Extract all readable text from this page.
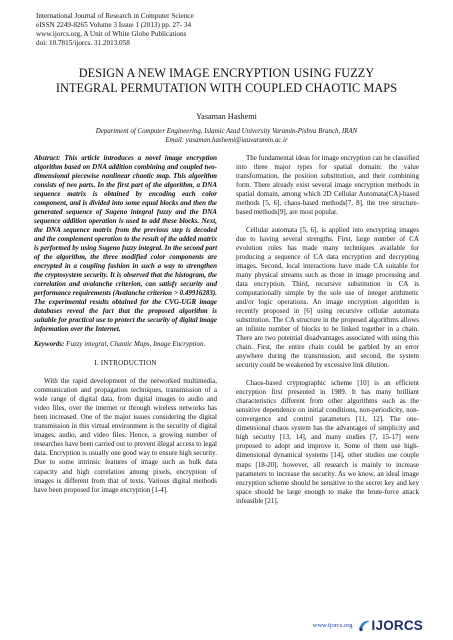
International Journal of Research in Computer Science
eISSN 2249-8265 Volume 3 Issue 1 (2013) pp. 27- 34
www.ijorcs.org, A Unit of White Globe Publications
doi: 10.7815/ijorcs. 31.2013.058
DESIGN A NEW IMAGE ENCRYPTION USING FUZZY
INTEGRAL PERMUTATION WITH COUPLED CHAOTIC MAPS
Yasaman Hashemi
Department of Computer Engineering, Islamic Azad University Varamin-Pishva Branch, IRAN
Email: yasaman.hashemi@iauvaramin.ac.ir

Abstract: This article introduces a novel image encryption algorithm based on DNA addition combining and coupled two-dimensional piecewise nonlinear chaotic map. This algorithm consists of two parts. In the first part of the algorithm, a DNA sequence matrix is obtained by encoding each color component, and is divided into some equal blocks and then the generated sequence of Sugeno integral fuzzy and the DNA sequence addition operation is used to add these blocks. Next, the DNA sequence matrix from the previous step is decoded and the complement operation to the result of the added matrix is performed by using Sugeno fuzzy integral. In the second part of the algorithm, the three modified color components are encrypted in a coupling fashion in such a way to strengthen the cryptosystem security. It is observed that the histogram, the correlation and avalanche criterion, can satisfy security and performance requirements (Avalanche criterion > 0.49916283). The experimental results obtained for the CVG-UGR image databases reveal the fact that the proposed algorithm is suitable for practical use to protect the security of digital image information over the Internet.

Keywords: Fuzzy integral, Chaotic Maps, Image Encryption.

I. INTRODUCTION

With the rapid development of the networked multimedia, communication and propagation techniques, transmission of a wide range of digital data, from digital images to audio and video files, over the internet or through wireless networks has been increased. One of the major issues considering the digital transmission in this virtual environment is the security of digital images, audio, and video files. Hence, a growing number of researches have been carried out to prevent illegal access to legal data. Encryption is usually one good way to ensure high security. Due to some intrinsic features of image such as bulk data capacity and high correlation among pixels, encryption of images is different from that of texts. Various digital methods have been proposed for image encryption [1-4].

The fundamental ideas for image encryption can be classified into three major types for spatial domain: the value transformation, the position substitution, and their combining form. There already exist several image encryption methods in spatial domain, among which 2D Cellular Automata(CA)-based methods [5, 6], chaos-based methods[7, 8], the tree structure-based methods[9], are most popular.

Cellular automata [5, 6], is applied into encrypting images due to having several strengths. First, large number of CA evolution rules has made many techniques available for producing a sequence of CA data encryption and decrypting images. Second, local interactions have made CA suitable for many physical streams such as those in image processing and data encryption. Third, recursive substitution in CA is computationally simple by the sole use of integer arithmetic and/or logic operations. An image encryption algorithm is recently proposed in [6] using recursive cellular automata substitution. The CA structure in the proposed algorithms allows an infinite number of blocks to be linked together in a chain. There are two potential disadvantages associated with using this chain. First, the entire chain could be garbled by an error anywhere during the transmission, and second, the system security could be weakened by excessive link dilution.

Chaos-based cryptographic scheme [10] is an efficient encryption first presented in 1989. It has many brilliant characteristics different from other algorithms such as the sensitive dependence on initial conditions, non-periodicity, non-convergence and control parameters [11, 12]. The one-dimensional chaos system has the advantages of simplicity and high security [13, 14], and many studies [7, 15-17] were proposed to adopt and improve it. Some of them use high-dimensional dynamical systems [14], other studies use couple maps [18-20]; however, all research is mainly to increase parameters to increase the security. As we know, an ideal image encryption scheme should be sensitive to the secret key and key space should be large enough to make the brute-force attack infeasible [21].

www.ijorcs.org IJORCS
